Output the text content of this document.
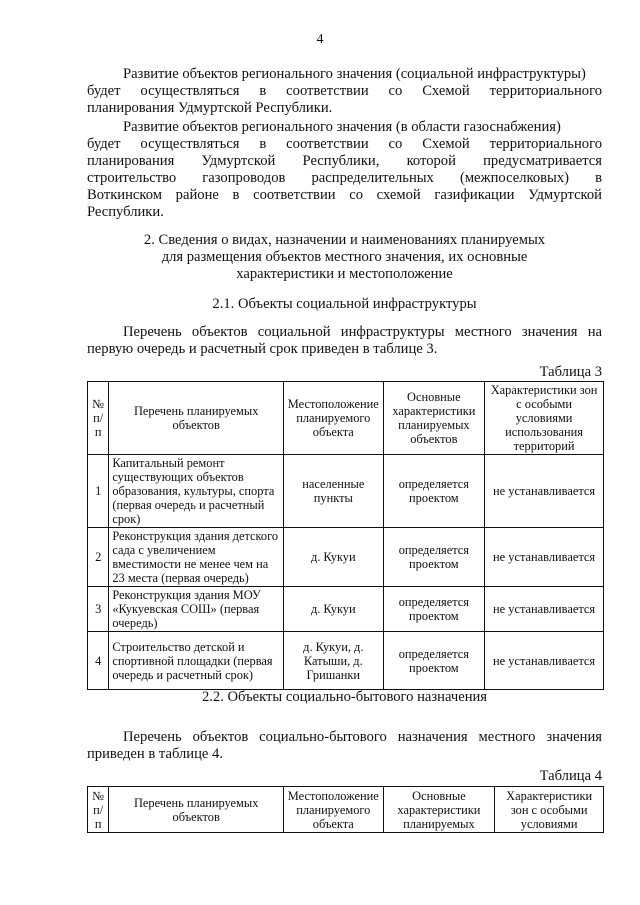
4
Развитие объектов регионального значения (социальной инфраструктуры)
будет осуществляться в соответствии со Схемой территориального
планирования Удмуртской Республики.
Развитие объектов регионального значения (в области газоснабжения)
будет осуществляться в соответствии со Схемой территориального
планирования Удмуртской Республики, которой предусматривается
строительство газопроводов распределительных (межпоселковых) в
Воткинском районе в соответствии со схемой газификации Удмуртской
Республики.
2. Сведения о видах, назначении и наименованиях планируемых
для размещения объектов местного значения, их основные
характеристики и местоположение
2.1. Объекты социальной инфраструктуры
Перечень объектов социальной инфраструктуры местного значения на
первую очередь и расчетный срок приведен в таблице 3.
Таблица 3
№ п/п	Перечень планируемых объектов	Местоположение планируемого объекта	Основные характеристики планируемых объектов	Характеристики зон с особыми условиями использования территорий
1	Капитальный ремонт существующих объектов образования, культуры, спорта (первая очередь и расчетный срок)	населенные пункты	определяется проектом	не устанавливается
2	Реконструкция здания детского сада с увеличением вместимости не менее чем на 23 места (первая очередь)	д. Кукуи	определяется проектом	не устанавливается
3	Реконструкция здания МОУ «Кукуевская СОШ» (первая очередь)	д. Кукуи	определяется проектом	не устанавливается
4	Строительство детской и спортивной площадки (первая очередь и расчетный срок)	д. Кукуи, д. Катыши, д. Гришанки	определяется проектом	не устанавливается
2.2. Объекты социально-бытового назначения
Перечень объектов социально-бытового назначения местного значения
приведен в таблице 4.
Таблица 4
№ п/п	Перечень планируемых объектов	Местоположение планируемого объекта	Основные характеристики планируемых	Характеристики зон с особыми условиями
